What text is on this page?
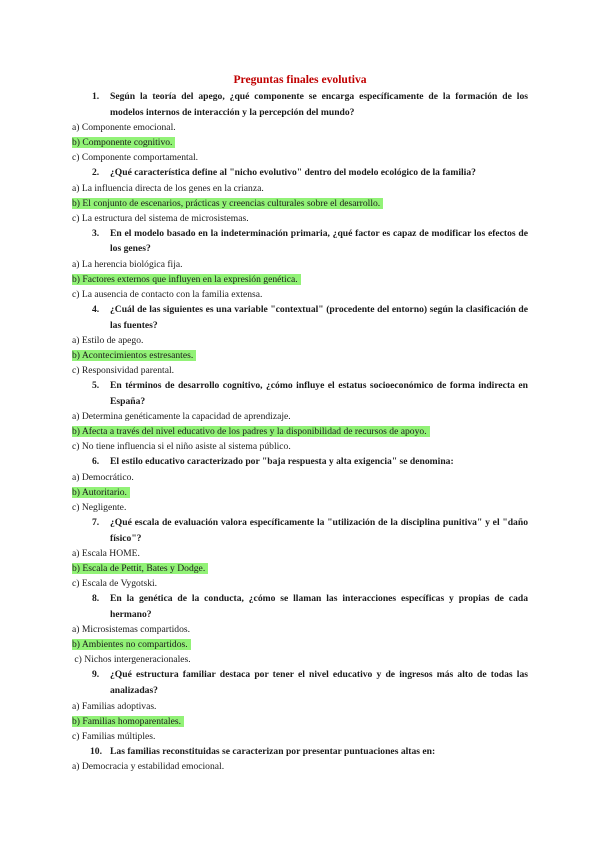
Preguntas finales evolutiva
1. Según la teoría del apego, ¿qué componente se encarga específicamente de la formación de los modelos internos de interacción y la percepción del mundo?
a) Componente emocional.
b) Componente cognitivo.
c) Componente comportamental.
2. ¿Qué característica define al "nicho evolutivo" dentro del modelo ecológico de la familia?
a) La influencia directa de los genes en la crianza.
b) El conjunto de escenarios, prácticas y creencias culturales sobre el desarrollo.
c) La estructura del sistema de microsistemas.
3. En el modelo basado en la indeterminación primaria, ¿qué factor es capaz de modificar los efectos de los genes?
a) La herencia biológica fija.
b) Factores externos que influyen en la expresión genética.
c) La ausencia de contacto con la familia extensa.
4. ¿Cuál de las siguientes es una variable "contextual" (procedente del entorno) según la clasificación de las fuentes?
a) Estilo de apego.
b) Acontecimientos estresantes.
c) Responsividad parental.
5. En términos de desarrollo cognitivo, ¿cómo influye el estatus socioeconómico de forma indirecta en España?
a) Determina genéticamente la capacidad de aprendizaje.
b) Afecta a través del nivel educativo de los padres y la disponibilidad de recursos de apoyo.
c) No tiene influencia si el niño asiste al sistema público.
6. El estilo educativo caracterizado por "baja respuesta y alta exigencia" se denomina:
a) Democrático.
b) Autoritario.
c) Negligente.
7. ¿Qué escala de evaluación valora específicamente la "utilización de la disciplina punitiva" y el "daño físico"?
a) Escala HOME.
b) Escala de Pettit, Bates y Dodge.
c) Escala de Vygotski.
8. En la genética de la conducta, ¿cómo se llaman las interacciones específicas y propias de cada hermano?
a) Microsistemas compartidos.
b) Ambientes no compartidos.
c) Nichos intergeneracionales.
9. ¿Qué estructura familiar destaca por tener el nivel educativo y de ingresos más alto de todas las analizadas?
a) Familias adoptivas.
b) Familias homoparentales.
c) Familias múltiples.
10. Las familias reconstituidas se caracterizan por presentar puntuaciones altas en:
a) Democracia y estabilidad emocional.
